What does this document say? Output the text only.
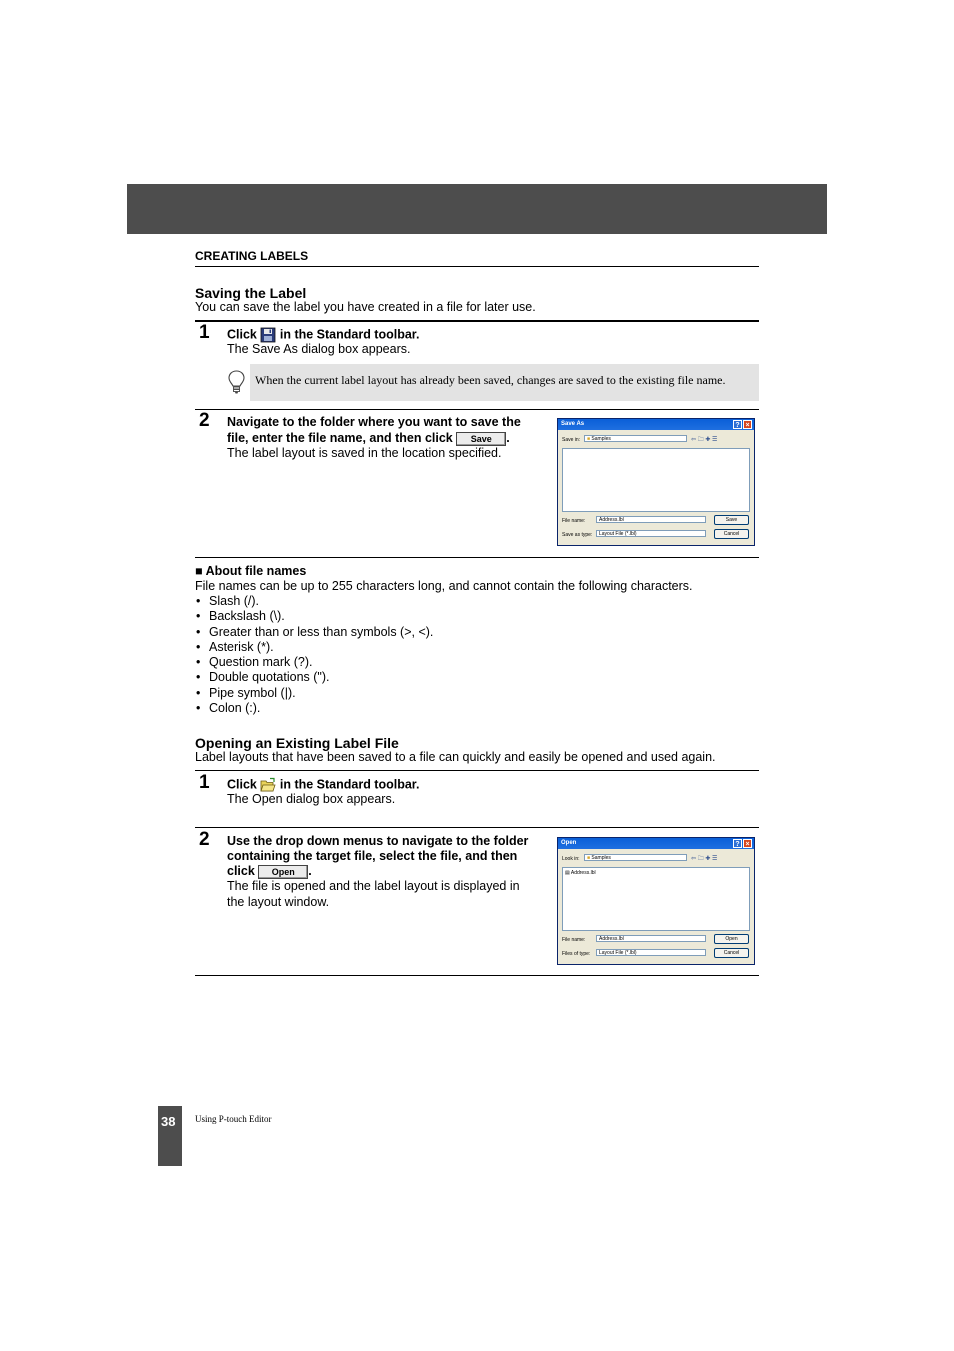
CREATING LABELS
Saving the Label
You can save the label you have created in a file for later use.
1 Click in the Standard toolbar.
The Save As dialog box appears.
When the current label layout has already been saved, changes are saved to the existing file name.
2 Navigate to the folder where you want to save the
file, enter the file name, and then click Save .
The label layout is saved in the location specified.
Save As	? ×
Save in:	■ Samples	⇦ 🗀 ✚ ☰
File name:	Address.lbl	Save
Save as type:	Layout File (*.lbl)	Cancel
■ About file names
File names can be up to 255 characters long, and cannot contain the following characters.
• Slash (/).
• Backslash (\).
• Greater than or less than symbols (>, <).
• Asterisk (*).
• Question mark (?).
• Double quotations (").
• Pipe symbol (|).
• Colon (:).
Opening an Existing Label File
Label layouts that have been saved to a file can quickly and easily be opened and used again.
1 Click in the Standard toolbar.
The Open dialog box appears.
2 Use the drop down menus to navigate to the folder
containing the target file, select the file, and then
click Open .
The file is opened and the label layout is displayed in
the layout window.
Open	? ×
Look in:	■ Samples	⇦ 🗀 ✚ ☰
▤ Address.lbl
File name:	Address.lbl	Open
Files of type:	Layout File (*.lbl)	Cancel
38 Using P-touch Editor
